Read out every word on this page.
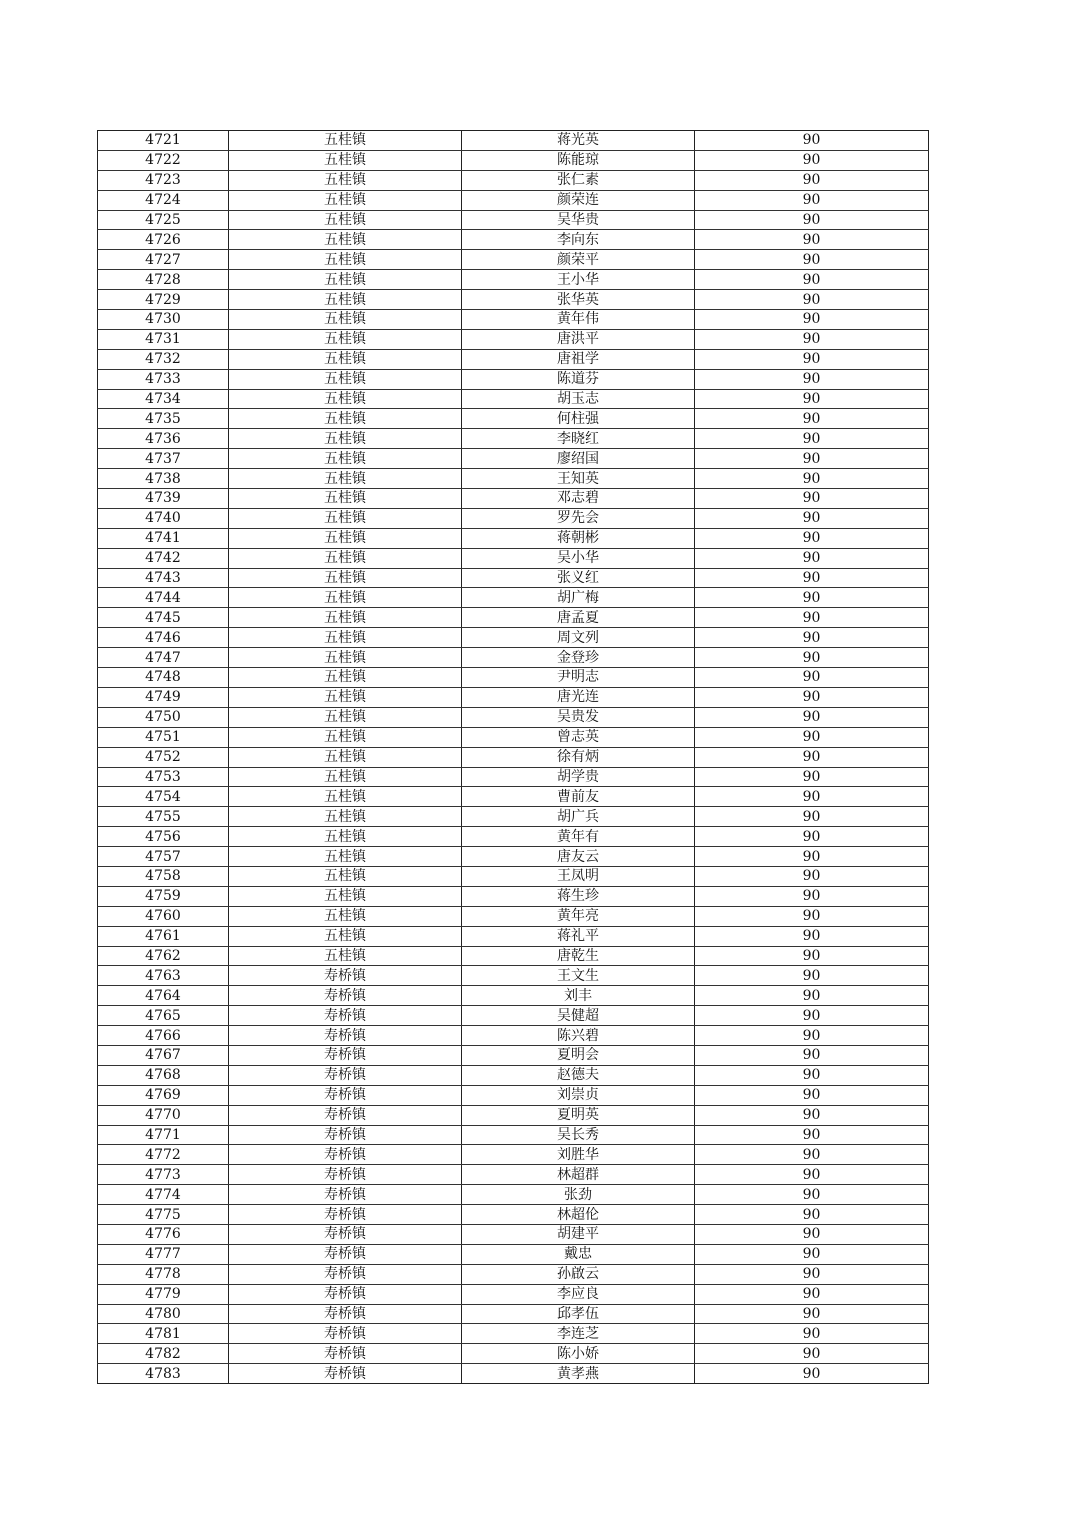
4721	五桂镇	蒋光英	90
4722	五桂镇	陈能琼	90
4723	五桂镇	张仁素	90
4724	五桂镇	颜荣连	90
4725	五桂镇	吴华贵	90
4726	五桂镇	李向东	90
4727	五桂镇	颜荣平	90
4728	五桂镇	王小华	90
4729	五桂镇	张华英	90
4730	五桂镇	黄年伟	90
4731	五桂镇	唐洪平	90
4732	五桂镇	唐祖学	90
4733	五桂镇	陈道芬	90
4734	五桂镇	胡玉志	90
4735	五桂镇	何柱强	90
4736	五桂镇	李晓红	90
4737	五桂镇	廖绍国	90
4738	五桂镇	王知英	90
4739	五桂镇	邓志碧	90
4740	五桂镇	罗先会	90
4741	五桂镇	蒋朝彬	90
4742	五桂镇	吴小华	90
4743	五桂镇	张义红	90
4744	五桂镇	胡广梅	90
4745	五桂镇	唐孟夏	90
4746	五桂镇	周文列	90
4747	五桂镇	金登珍	90
4748	五桂镇	尹明志	90
4749	五桂镇	唐光连	90
4750	五桂镇	吴贵发	90
4751	五桂镇	曾志英	90
4752	五桂镇	徐有炳	90
4753	五桂镇	胡学贵	90
4754	五桂镇	曹前友	90
4755	五桂镇	胡广兵	90
4756	五桂镇	黄年有	90
4757	五桂镇	唐友云	90
4758	五桂镇	王凤明	90
4759	五桂镇	蒋生珍	90
4760	五桂镇	黄年亮	90
4761	五桂镇	蒋礼平	90
4762	五桂镇	唐乾生	90
4763	寿桥镇	王文生	90
4764	寿桥镇	刘丰	90
4765	寿桥镇	吴健超	90
4766	寿桥镇	陈兴碧	90
4767	寿桥镇	夏明会	90
4768	寿桥镇	赵德夫	90
4769	寿桥镇	刘崇贞	90
4770	寿桥镇	夏明英	90
4771	寿桥镇	吴长秀	90
4772	寿桥镇	刘胜华	90
4773	寿桥镇	林超群	90
4774	寿桥镇	张劲	90
4775	寿桥镇	林超伦	90
4776	寿桥镇	胡建平	90
4777	寿桥镇	戴忠	90
4778	寿桥镇	孙啟云	90
4779	寿桥镇	李应良	90
4780	寿桥镇	邱孝伍	90
4781	寿桥镇	李连芝	90
4782	寿桥镇	陈小娇	90
4783	寿桥镇	黄孝燕	90
